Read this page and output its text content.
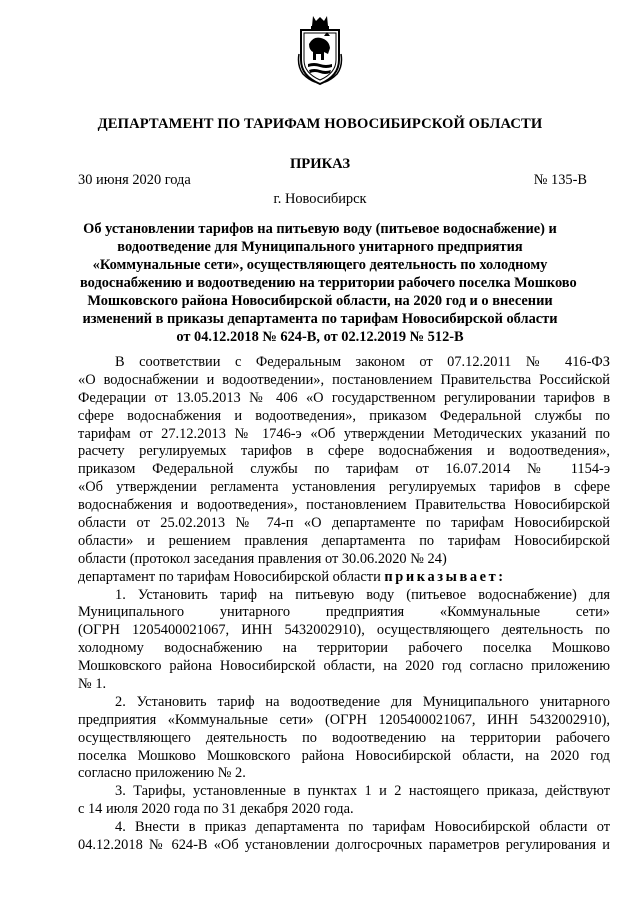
ДЕПАРТАМЕНТ ПО ТАРИФАМ НОВОСИБИРСКОЙ ОБЛАСТИ
ПРИКАЗ
30 июня 2020 года	№ 135-В
г. Новосибирск
Об установлении тарифов на питьевую воду (питьевое водоснабжение) и
водоотведение для Муниципального унитарного предприятия
«Коммунальные сети», осуществляющего деятельность по холодному
водоснабжению и водоотведению на территории рабочего поселка Мошково
Мошковского района Новосибирской области, на 2020 год и о внесении
изменений в приказы департамента по тарифам Новосибирской области
от 04.12.2018 № 624-В, от 02.12.2019 № 512-В
В соответствии с Федеральным законом от 07.12.2011 № 416-ФЗ
«О водоснабжении и водоотведении», постановлением Правительства Российской
Федерации от 13.05.2013 № 406 «О государственном регулировании тарифов в
сфере водоснабжения и водоотведения», приказом Федеральной службы по
тарифам от 27.12.2013 № 1746-э «Об утверждении Методических указаний по
расчету регулируемых тарифов в сфере водоснабжения и водоотведения»,
приказом Федеральной службы по тарифам от 16.07.2014 № 1154-э
«Об утверждении регламента установления регулируемых тарифов в сфере
водоснабжения и водоотведения», постановлением Правительства Новосибирской
области от 25.02.2013 № 74-п «О департаменте по тарифам Новосибирской
области» и решением правления департамента по тарифам Новосибирской
области (протокол заседания правления от 30.06.2020 № 24)
департамент по тарифам Новосибирской области приказывает:
1. Установить тариф на питьевую воду (питьевое водоснабжение) для
Муниципального унитарного предприятия «Коммунальные сети»
(ОГРН 1205400021067, ИНН 5432002910), осуществляющего деятельность по
холодному водоснабжению на территории рабочего поселка Мошково
Мошковского района Новосибирской области, на 2020 год согласно приложению
№ 1.
2. Установить тариф на водоотведение для Муниципального унитарного
предприятия «Коммунальные сети» (ОГРН 1205400021067, ИНН 5432002910),
осуществляющего деятельность по водоотведению на территории рабочего
поселка Мошково Мошковского района Новосибирской области, на 2020 год
согласно приложению № 2.
3. Тарифы, установленные в пунктах 1 и 2 настоящего приказа, действуют
с 14 июля 2020 года по 31 декабря 2020 года.
4. Внести в приказ департамента по тарифам Новосибирской области от
04.12.2018 № 624-В «Об установлении долгосрочных параметров регулирования и
